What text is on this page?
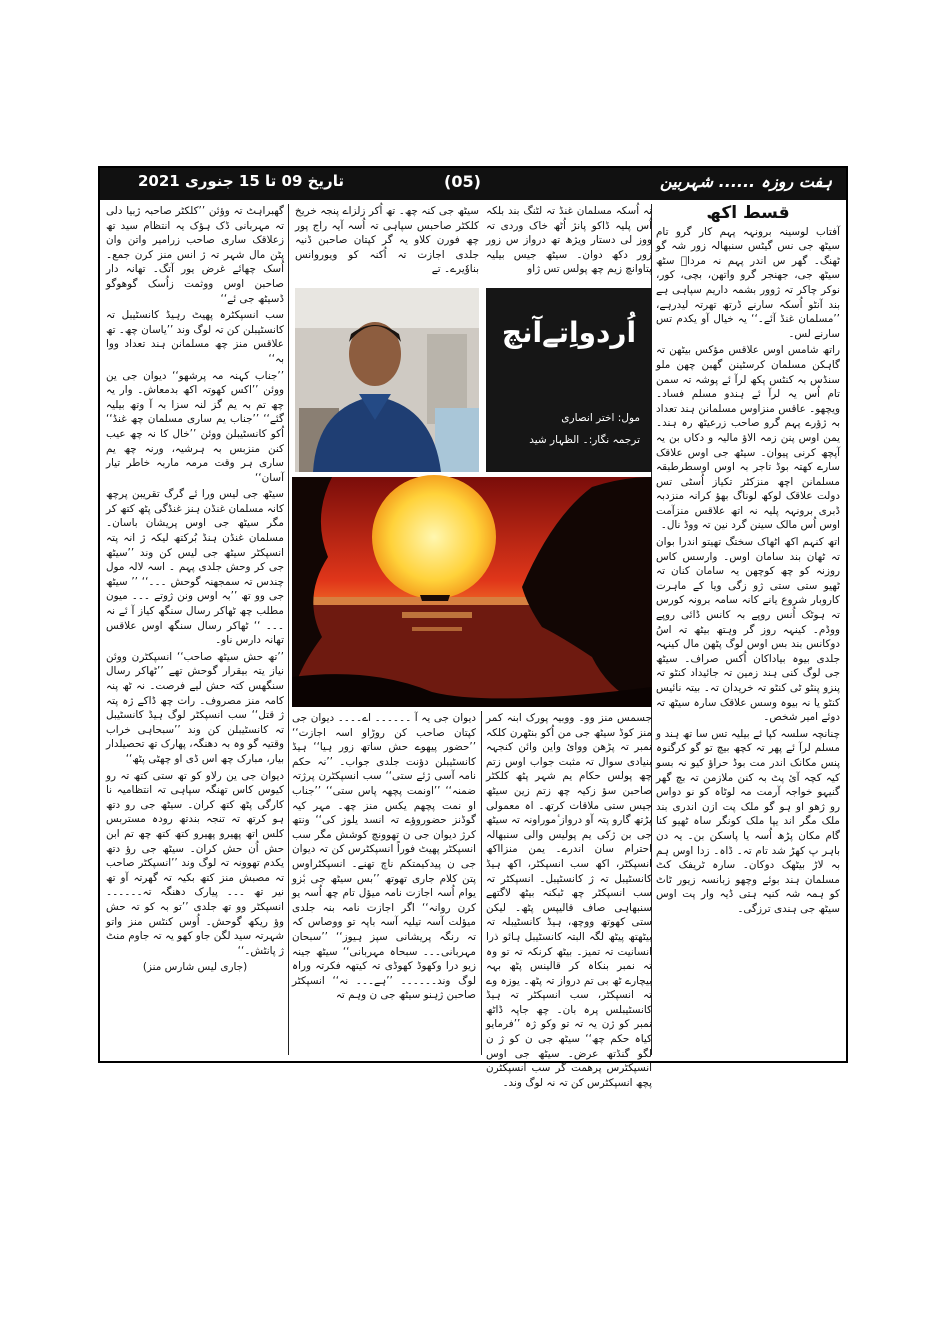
ہفت روزہ ...... شہربین
(05)
تاریخ 09 تا 15 جنوری 2021
قسط اکھ

آفتاب لوسینہ برونہہ پہم کار گرو تام سیٹھ جی نس گیٹس سنبھالہ زور شہ گو ٹھنگ۔ گھر س اندر پہم نہ مرداؔ سٹھ سیٹھ جی، جھنجر گرو واتھن، بچی، کور، نوکر چاکر تہ ژوور بشمہ داریم سپاہی ہے بند آنٹو اُسکہ سارنے ڈرتھ تھرتہ لیدرہے، ’’مسلمان غنڈ آئے۔‘‘ یہ خیال آو یکدم تس سارنے لس۔

راتھ شامس اوس علاقس مؤکس بیٹھن تہ گاہکن مسلمان کرسٹینن گھبن چھن ملو سنڈس بہ کنٹس پکھ لرآ ئے پوشہ تہ سمن تام اُس یہ لرآ ئے ہندو مسلم فساد۔ ویچھو۔ عاقس منزاوس مسلمانن ہند تعداد بہ ژؤرے پہم گرو صاحب زرعیٹھ رہ ہند۔ یمن اوس پنن زمہ الاؤ مالیہ و دکاں بن یہ آپچھ کرنی پیوان۔ سیٹھ جی اوس علاقک سارے کھتہ بوڈ تاجر بہ اوس اوسطرطبقہ مسلمانن اچھ منزکٹر تکیاز اُسٹی تس دولت علاقک لوکھ لوناگ بھؤ کرانہ منزدبہ ڈبری برونہہ پلیہ نہ اتھ علاقس منزآمت اوس اُس مالک سینن گرد نین تہ ووڈ نال۔

اتھ کنہم اکھ اٹھاک سختگ تھیتو اندرا بوان تہ ٹھان بند سامان اوس۔ وارسس کاس روزنہ کو چھ کوچھن یہ سامان کنان تہ ٹھیو ستی ستی ژو زگی ویا کے ماہرت کاروبار شروع یانے کانہ سامہ برونہ کورس تہ ہوٹک اُنس روپے بہ کانس ڈائی روپے ووڈم۔ کینہہ روز گر وہتھ بیٹھ تہ اسُ دوکانس بند بس اوس لوگ پٹھن مال کینہہ جلدی بیوہ بیاداکان اُکس صراف۔ سیٹھ جی لوگ کنی ہند زمین تہ جائیداد کنٹو تہ پنزو پنٹو ٹی کنٹو تہ خریدان تہ۔ بیتہ نائیس کنٹو یا نہ بیوہ وسس علاقک سارہ سیٹھ تہ دوئے امیر شخص۔

چنانچہ سلسہ کپا ئے بیلیہ تس سا تھ ہند و مسلم لرآ ئے پھر تہ کچھ بیچ تو گو کرگنوہ پنس مکانک اندر مت بوڈ حراؤ کیو نہ بسو کیہ کچہ آئ پٹ بہ کنن ملازمن تہ بچ گھر گنیہو خواجہ آرمت مہ لوٹاہ کو نو دواس رو ژھو او ہو گو ملک پت ازن اندری بند ملک مگر اند یپا ملک کونگر ساہ ٹھیو کنا گام مکان پڑھ اُسہ یا پاسکن بن۔ یہ دن باہر پ کھڑ شد تام تہ۔ ڈاہ۔ زدا اوس ہم بہ لاڑ بیٹھک دوکان۔ سارہ ٹریفک کٹ مسلمان ہند بوئے وچھو زبانسہ زیور ٹاٹ کو ہمہ شہ کنیہ ہتی ڈیہ وار پت اوس سیٹھ جی ہندی ترزگی۔

نہ اُسکہ مسلمان غنڈ تہ لٹنگ بند بلکہ اُس پلیہ ڈاکو پانژ اُٹھ خاک وردی تہ ووز لی دستار ویژھ تھ درواز س زور زور دکھ دوان۔ سیٹھ جیس بیلیہ پتاوانچ زیم چھ پولس تس ژاو

اُردواِتےآنچ
مول: اختر انصاری
ترجمہ نگار:۔ الظہار شید

سیٹھ جی کنہ چھ۔ تھ اُکر زلزاے پنجہ خریخ کلکٹر صاحبس سپاہی تہ اُسہ آیہ راج پور چھ فورن کلاو یہ گر کپتان صاحبن ڈنیہ جلدی اجازت تہ اُکنہ کو ویوروانس بناوٗیرے۔ تے

جسمس منز وو۔ ووبیہ پورک ابنہ کمر منز کوڈ سیٹھ جی من اُکو بنٹھرن کلکہ نمبر تہ پڑھن ووائ واین وائن کنجہہ بنیادی سوال تہ مثبت جواب اوس زتم چھ پولس حکام یم شہر پٹھ کلکٹر صاحبن سؤ زکیہ چھ زتم زین سیٹھ جیس ستی ملاقات کرتھ۔ اہ معمولی پڑتھ گارو پتہ آو درواز ٔموراونہ تہ سیٹھ جی بن ژکی یم پولیس والی سنبھالہ احترام سان اندرے۔ یمن منزااکھ انسپکٹر، اکھ سب انسپکٹر، اکھ ہیڈ کانسٹیبل تہ ژ کانسٹیبل۔ انسپکٹر تہ سب انسپکٹر چھ ٹبکنہ بیٹھ لاگتھے سنبھاہی صاف قالیپس پٹھ۔ لیکن ستی کھوتھ ووچھ، ہیڈ کانسٹیبلہ تہ بیٹھتھ پیٹھ لگہ البتہ کانسٹیبل ہائو ذرا انسانیت تہ تمیز۔ بیٹھ کرنکہ تہ تو وہ تہ نمبر بنکاہ کر قالینس پٹھ بہہ بیچارے ٹھ بی تم درواز تہ پٹھ۔ یوزہ وے تہ انسپکٹر، سب انسپکٹر تہ ہیڈ کانسٹیبلس پرہ بان۔ چھ جاپہ ڈاٹھ نمبر کو ژن یہ تہ تو وکو ژہ ’’فرمایو کیاہ حکم چھ‘‘ سیٹھ جی ن کو ژ ن لگو گنڈتھ عرض۔ سیٹھ جی اوس انسپکٹرس پرھمت گر سب انسپکٹرن پچھ انسپکٹرس کن تہ نہ لوگ وند۔

دیوان جی یہ آ ۔۔۔۔۔۔ اے۔۔۔۔ دیوان جی کپتان صاحب کن روڑاو اسہ اجازت‘‘ ’’حضور پیھوے حش ساتھ زور ہیا‘‘ ہیڈ کانسٹیبلن دؤنت جلدی جواب۔ ’’نہ حکم نامہ آسی ژئے ستی‘‘ سب انسپکٹرن پرژتہ ضمنہ‘‘ ’’اونمت پچھہ پاس ستی‘‘ ’’جناب او نمت پچھم یکس منز چھ۔ مہر کیہ گوڈنز حضوروؤے تہ انسد یلوز کی‘‘ ونتھ کرژ دیوان جی ن تھوونچ کوشش مگر سب انسپکٹر پھیٹ فوراً انسپکٹرس کن تہ دیوان جی ن پیدکیمتکم ناچ تھنے۔ انسپکٹراوس پتن کلام جاری تھوتھ ’’بس سیٹھ جی بٔزو یوام اُسہ اجازت نامہ میؤل تام چھ اُسہ یو کرن روانہ‘‘ اگر اجازت نامہ بنہ جلدی میؤلت آسہ تیلیہ آسہ باپہ تو ووصاس کہ تہ رنگہ پریشانی سپز ہیوز‘‘ ’’سبحان مہربانی۔۔۔ سبحاہ مہربانی‘‘ سیٹھ جینہ زیو درا وکھوڈ کھوڈی تہ کیتھہ فکرتہ وراہ لوگ وند۔۔۔۔۔۔ ’’ہے۔۔۔ نہ‘‘ انسپکٹر صاحبن ژہنو سیٹھ جی ن وہم تہ

گھبراہٹ تہ وؤئن ’’کلکٹر صاحبہ ژبیا دلی تہ مہربانی ڈک ہؤک یہ انتظام سید تھ زعلاقک ساری صاحب زرامیر واتن وان پٹن مال شہر تہ ژ انس منز کرن جمع۔ اُسک چھائے غرض یور آتگ۔ تھانہ دار صاحبن اوس ووثمت زاُسک گوھوگو ڈسیٹھ جی ئے‘‘

سب انسپکٹرہ پھیٹ رہیڈ کانسٹیبل تہ کانسٹیبلن کن تہ لوگ وند ’’یاسان چھ۔ تھ علاقس منز چھ مسلمانن ہند تعداد ووا بہ‘‘

’’جناب کہنہ مہ پرشھو‘‘ دیوان جی ین ووئن ’’اکس کھوتہ اکھ بدمعاش۔ وار یہ چھ تم بہ یم گز لنہ سزا بہ آ وتھ بیلیہ گئے‘‘ ’’جناب یم ساری مسلمان چھ غنڈ‘‘ اُکو کانسٹیبلن ووئن ’’خال کا نہ چھ عیب کنن منزبس بہ ہرشیہ، ورنہ چھ یم ساری ہر وقت مرمہ ماربہ خاطر تیار آسان‘‘

سیٹھ جی لیس ورا ئے گرگ تقریبن پرچھ کانہ مسلمان غنڈن ہنز غنڈگی پٹھ کتھ کر مگر سیٹھ جی اوس پریشان باسان۔ مسلمان غنڈن ہنڈ بُرکتھ لیکہ ژ انہ پتہ انسپکٹر سیٹھ جی لیس کن وند ’’سیٹھ جی کر وحش جلدی پہم ۔ اسہ لالہ مول چندس تہ سمجھنہ گوحش ۔۔۔‘‘ ’’ سیٹھ جی وو تھ ’’بہ اوس ونن ژوتے ۔۔۔ میون مطلب چھ ٹھاکر رسال سنگھ کیاز آ ئے نہ ۔۔۔ ‘‘ ٹھاکر رسال سنگھ اوس علاقس تھانہ دارس ناو۔

’’تھ حش سیٹھ صاحب‘‘ انسپکٹرن ووئن نیاز یتہ بیقرار گوحش تھے ’’ٹھاکر رسال سنگھس کتہ حش لیے فرصت۔ نہ ٹھ پنہ کامہ منز مصروف۔ رات چھ ڈاکے ژہ پتہ ژ قتل‘‘ سب انسپکٹر لوگ ہیڈ کانسٹیبل تہ کانسٹیبلن کن وند ’’سبحاہی خراب وقتیہ گو وہ بہ دھنگہ، پھارک تھ تحصیلدار بیار، مبارک چھ اس ڈی او چھٹی پٹھ‘‘

دیوان جی ین رلاو کو تھ ستی کتھ تہ رو کیوس کاس تھنگہ سپاہی تہ انتظامیہ نا کارگی پٹھ کتھ کران۔ سیٹھ جی رو دتھ ہو کرتھ تہ تنجہ بندتھ رودہ مستربس کلس اتھ پھیرو پھیرو کتھ کتھ چھ تم ابن حش اُن حش کران۔ سیٹھ جی رؤ دتھ یکدم تھوونہ تہ لوگ وند ’’انسپکٹر صاحب تہ مصبش منز کتھ بکیہ تہ گھرتہ آو تھ نیر تھ ۔۔۔ پیارک دھنگہ تہ۔۔۔۔۔۔ انسپکٹر وو تھ جلدی ’’تو بہ کو تہ حش وؤ ریکھ گوحش۔ اُوس کنٹس منز واتو شہرتہ سید لگن جاو کھو یہ تہ جاوم منٹ ژ پانٹش۔‘‘

(جاری لیس شارس منز)
